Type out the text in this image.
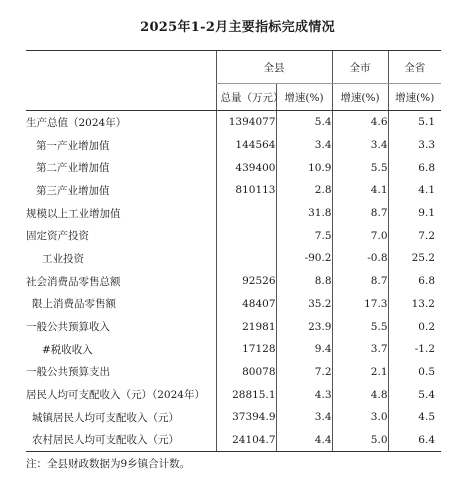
2025年1-2月主要指标完成情况
	全县		全市	全省
	总量（万元）	增速(%)	增速(%)	增速(%)
生产总值（2024年）	1394077	5.4	4.6	5.1
第一产业增加值	144564	3.4	3.4	3.3
第二产业增加值	439400	10.9	5.5	6.8
第三产业增加值	810113	2.8	4.1	4.1
规模以上工业增加值		31.8	8.7	9.1
固定资产投资		7.5	7.0	7.2
工业投资		-90.2	-0.8	25.2
社会消费品零售总额	92526	8.8	8.7	6.8
限上消费品零售额	48407	35.2	17.3	13.2
一般公共预算收入	21981	23.9	5.5	0.2
#税收收入	17128	9.4	3.7	-1.2
一般公共预算支出	80078	7.2	2.1	0.5
居民人均可支配收入（元）（2024年）	28815.1	4.3	4.8	5.4
城镇居民人均可支配收入（元）	37394.9	3.4	3.0	4.5
农村居民人均可支配收入（元）	24104.7	4.4	5.0	6.4
注：全县财政数据为9乡镇合计数。
